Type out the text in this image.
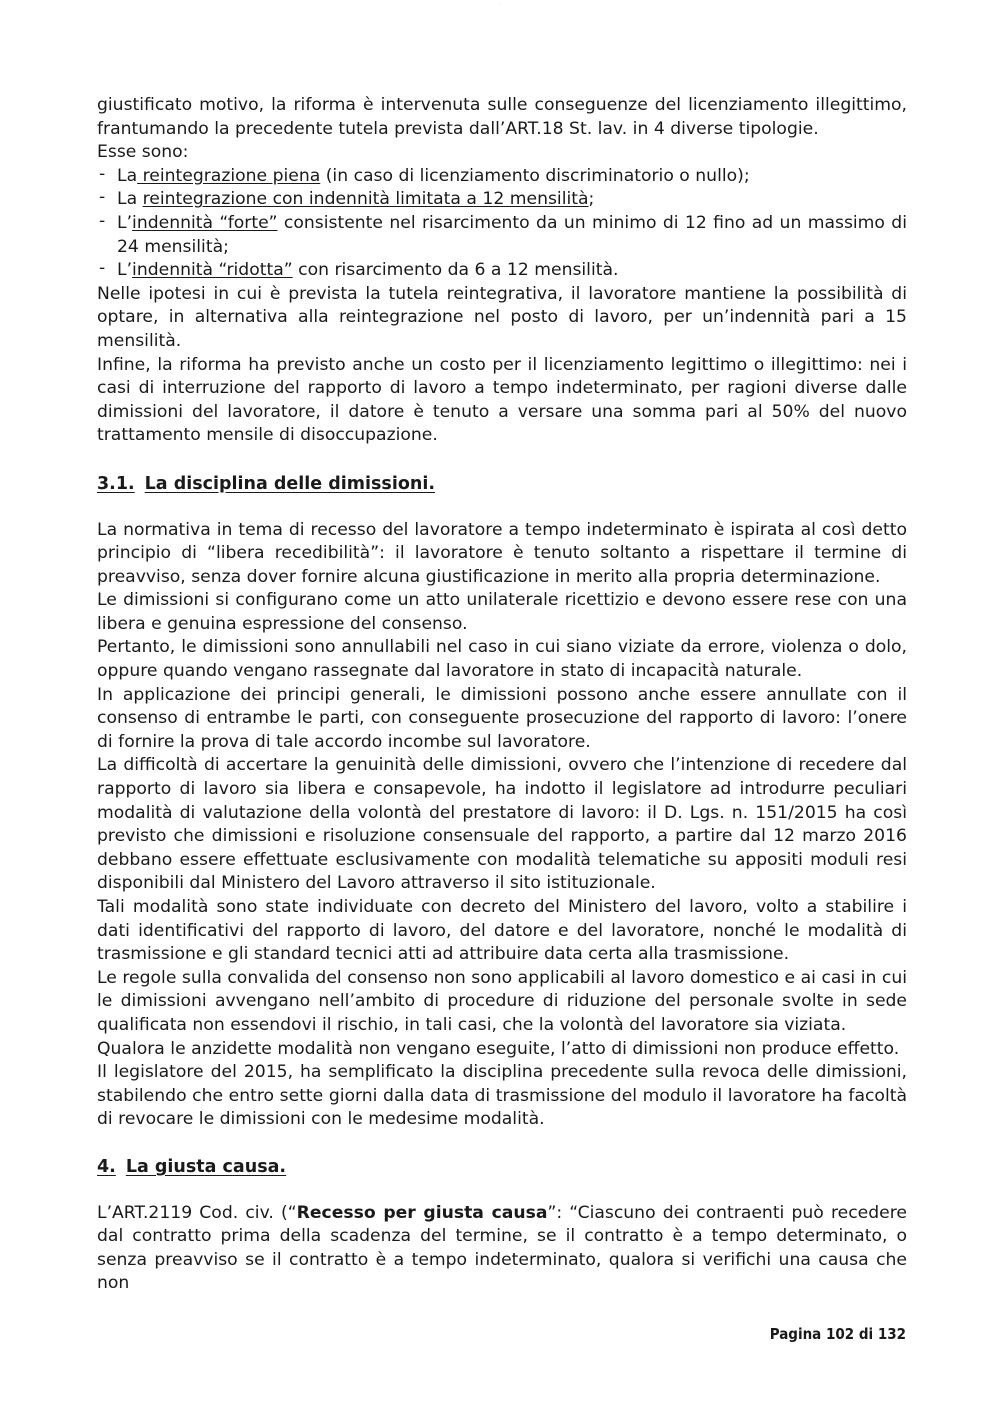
·

giustificato motivo, la riforma è intervenuta sulle conseguenze del licenziamento illegittimo, frantumando la precedente tutela prevista dall’ART.18 St. lav. in 4 diverse tipologie.

Esse sono:

- La reintegrazione piena (in caso di licenziamento discriminatorio o nullo);
- La reintegrazione con indennità limitata a 12 mensilità;
- L’indennità “forte” consistente nel risarcimento da un minimo di 12 fino ad un massimo di 24 mensilità;
- L’indennità “ridotta” con risarcimento da 6 a 12 mensilità.

Nelle ipotesi in cui è prevista la tutela reintegrativa, il lavoratore mantiene la possibilità di optare, in alternativa alla reintegrazione nel posto di lavoro, per un’indennità pari a 15 mensilità.

Infine, la riforma ha previsto anche un costo per il licenziamento legittimo o illegittimo: nei i casi di interruzione del rapporto di lavoro a tempo indeterminato, per ragioni diverse dalle dimissioni del lavoratore, il datore è tenuto a versare una somma pari al 50% del nuovo trattamento mensile di disoccupazione.

3.1. La disciplina delle dimissioni.

La normativa in tema di recesso del lavoratore a tempo indeterminato è ispirata al così detto principio di “libera recedibilità”: il lavoratore è tenuto soltanto a rispettare il termine di preavviso, senza dover fornire alcuna giustificazione in merito alla propria determinazione.

Le dimissioni si configurano come un atto unilaterale ricettizio e devono essere rese con una libera e genuina espressione del consenso.

Pertanto, le dimissioni sono annullabili nel caso in cui siano viziate da errore, violenza o dolo, oppure quando vengano rassegnate dal lavoratore in stato di incapacità naturale.

In applicazione dei principi generali, le dimissioni possono anche essere annullate con il consenso di entrambe le parti, con conseguente prosecuzione del rapporto di lavoro: l’onere di fornire la prova di tale accordo incombe sul lavoratore.

La difficoltà di accertare la genuinità delle dimissioni, ovvero che l’intenzione di recedere dal rapporto di lavoro sia libera e consapevole, ha indotto il legislatore ad introdurre peculiari modalità di valutazione della volontà del prestatore di lavoro: il D. Lgs. n. 151/2015 ha così previsto che dimissioni e risoluzione consensuale del rapporto, a partire dal 12 marzo 2016 debbano essere effettuate esclusivamente con modalità telematiche su appositi moduli resi disponibili dal Ministero del Lavoro attraverso il sito istituzionale.

Tali modalità sono state individuate con decreto del Ministero del lavoro, volto a stabilire i dati identificativi del rapporto di lavoro, del datore e del lavoratore, nonché le modalità di trasmissione e gli standard tecnici atti ad attribuire data certa alla trasmissione.

Le regole sulla convalida del consenso non sono applicabili al lavoro domestico e ai casi in cui le dimissioni avvengano nell’ambito di procedure di riduzione del personale svolte in sede qualificata non essendovi il rischio, in tali casi, che la volontà del lavoratore sia viziata.

Qualora le anzidette modalità non vengano eseguite, l’atto di dimissioni non produce effetto.

Il legislatore del 2015, ha semplificato la disciplina precedente sulla revoca delle dimissioni, stabilendo che entro sette giorni dalla data di trasmissione del modulo il lavoratore ha facoltà di revocare le dimissioni con le medesime modalità.

4. La giusta causa.

L’ART.2119 Cod. civ. (“Recesso per giusta causa”: “Ciascuno dei contraenti può recedere dal contratto prima della scadenza del termine, se il contratto è a tempo determinato, o senza preavviso se il contratto è a tempo indeterminato, qualora si verifichi una causa che non

Pagina 102 di 132
